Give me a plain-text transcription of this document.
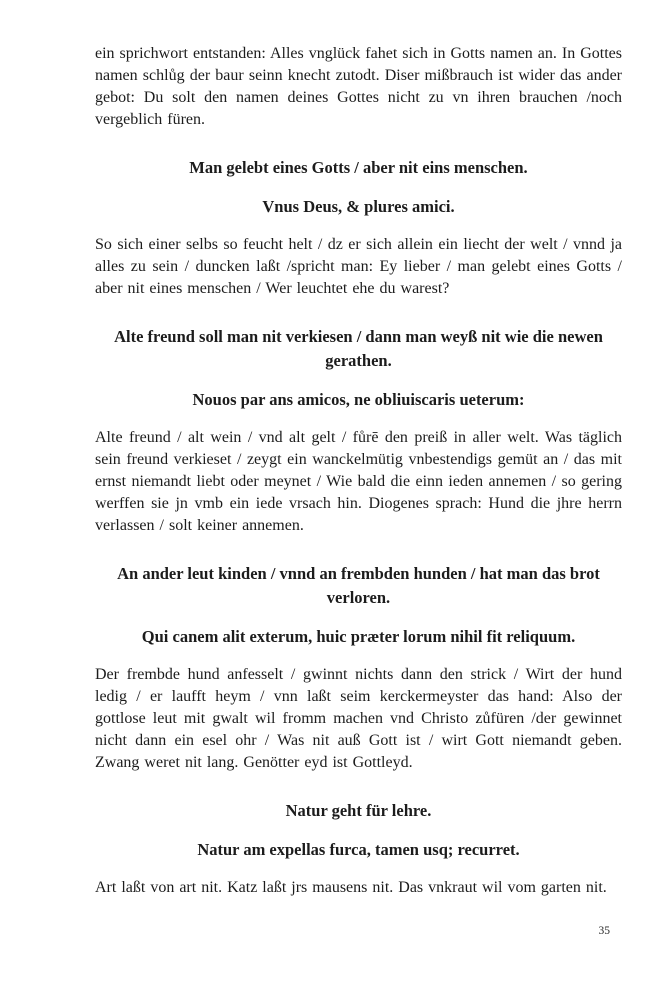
ein sprichwort entstanden: Alles vnglück fahet sich in Gotts namen an. In Gottes namen schlůg der baur seinn knecht zutodt. Diser mißbrauch ist wider das ander gebot: Du solt den namen deines Gottes nicht zu vn ihren brauchen /noch vergeblich füren.

Man gelebt eines Gotts / aber nit eins menschen.

Vnus Deus, & plures amici.

So sich einer selbs so feucht helt / dz er sich allein ein liecht der welt / vnnd ja alles zu sein / duncken laßt /spricht man: Ey lieber / man gelebt eines Gotts / aber nit eines menschen / Wer leuchtet ehe du warest?

Alte freund soll man nit verkiesen / dann man weyß nit wie die newen gerathen.

Nouos par ans amicos, ne obliuiscaris ueterum:

Alte freund / alt wein / vnd alt gelt / fůrē den preiß in aller welt. Was täglich sein freund verkieset / zeygt ein wanckelmütig vnbestendigs gemüt an / das mit ernst niemandt liebt oder meynet / Wie bald die einn ieden annemen / so gering werffen sie jn vmb ein iede vrsach hin. Diogenes sprach: Hund die jhre herrn verlassen / solt keiner annemen.

An ander leut kinden / vnnd an frembden hunden / hat man das brot verloren.

Qui canem alit exterum, huic præter lorum nihil fit reliquum.

Der frembde hund anfesselt / gwinnt nichts dann den strick / Wirt der hund ledig / er laufft heym / vnn laßt seim kerckermeyster das hand: Also der gottlose leut mit gwalt wil fromm machen vnd Christo zůfüren /der gewinnet nicht dann ein esel ohr / Was nit auß Gott ist / wirt Gott niemandt geben. Zwang weret nit lang. Genötter eyd ist Gottleyd.

Natur geht für lehre.

Natur am expellas furca, tamen usq; recurret.

Art laßt von art nit. Katz laßt jrs mausens nit. Das vnkraut wil vom garten nit.

35
